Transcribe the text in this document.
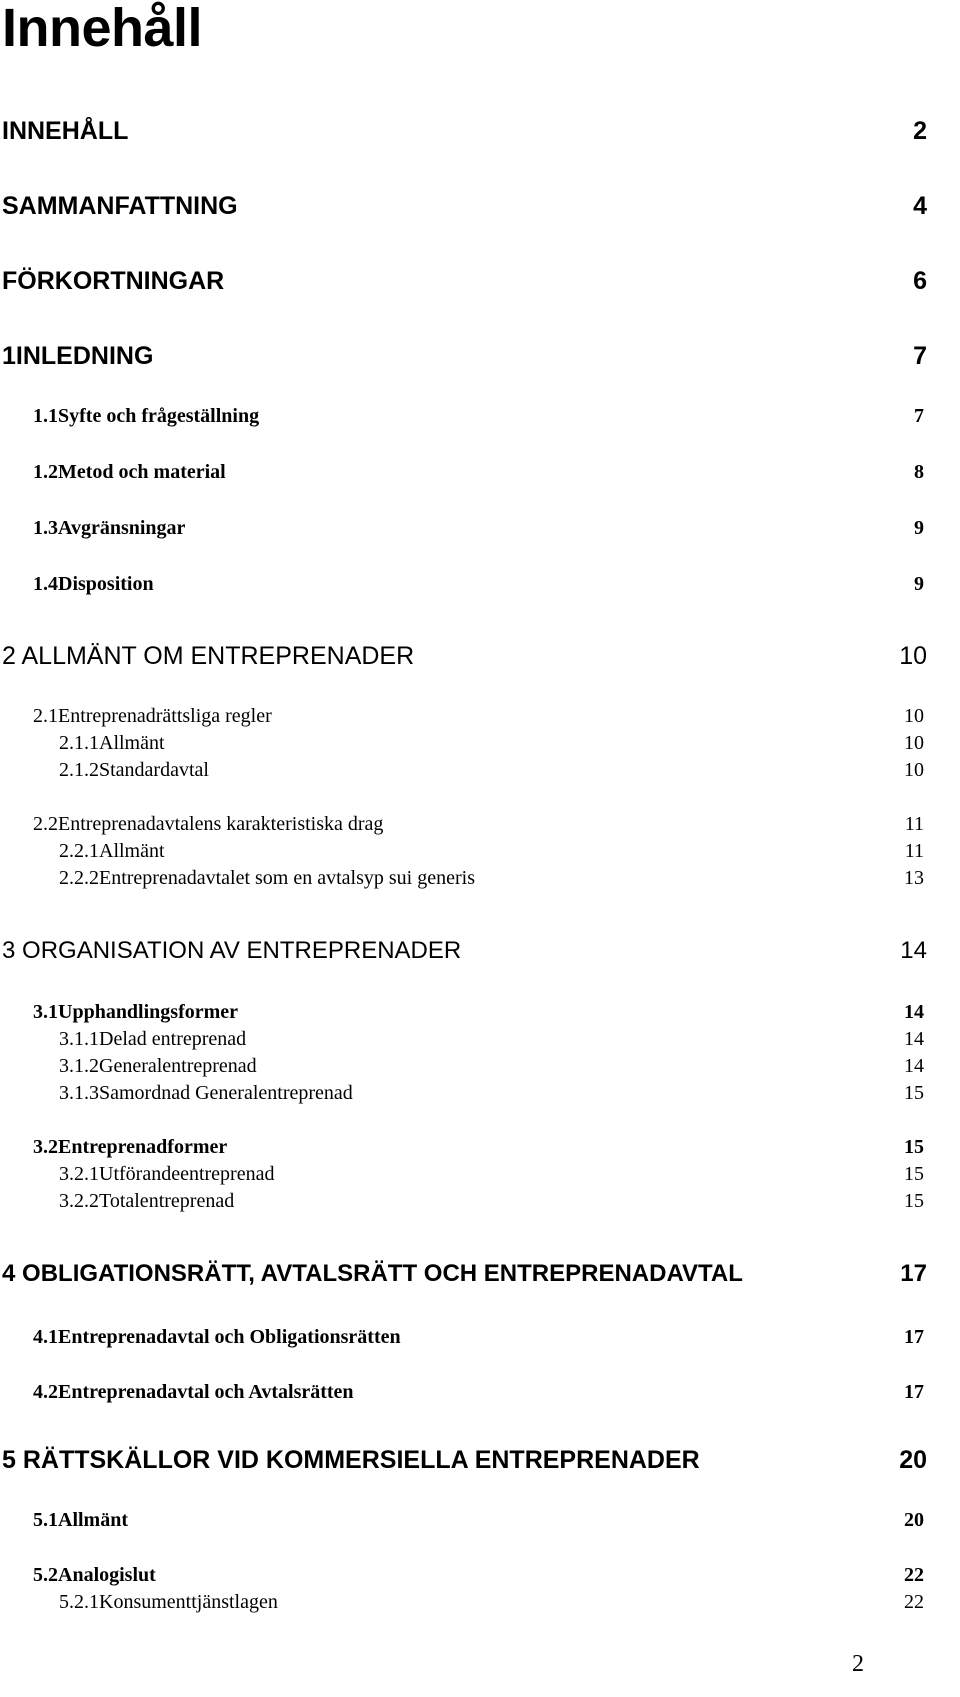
Innehåll
INNEHÅLL	2
SAMMANFATTNING	4
FÖRKORTNINGAR	6
1INLEDNING	7
1.1Syfte och frågeställning	7
1.2Metod och material	8
1.3Avgränsningar	9
1.4Disposition	9
2 ALLMÄNT OM ENTREPRENADER	10
2.1Entreprenadrättsliga regler	10
2.1.1Allmänt	10
2.1.2Standardavtal	10
2.2Entreprenadavtalens karakteristiska drag	11
2.2.1Allmänt	11
2.2.2Entreprenadavtalet som en avtalsyp sui generis	13
3 ORGANISATION AV ENTREPRENADER	14
3.1Upphandlingsformer	14
3.1.1Delad entreprenad	14
3.1.2Generalentreprenad	14
3.1.3Samordnad Generalentreprenad	15
3.2Entreprenadformer	15
3.2.1Utförandeentreprenad	15
3.2.2Totalentreprenad	15
4 OBLIGATIONSRÄTT, AVTALSRÄTT OCH ENTREPRENADAVTAL	17
4.1Entreprenadavtal och Obligationsrätten	17
4.2Entreprenadavtal och Avtalsrätten	17
5 RÄTTSKÄLLOR VID KOMMERSIELLA ENTREPRENADER	20
5.1Allmänt	20
5.2Analogislut	22
5.2.1Konsumenttjänstlagen	22
2
